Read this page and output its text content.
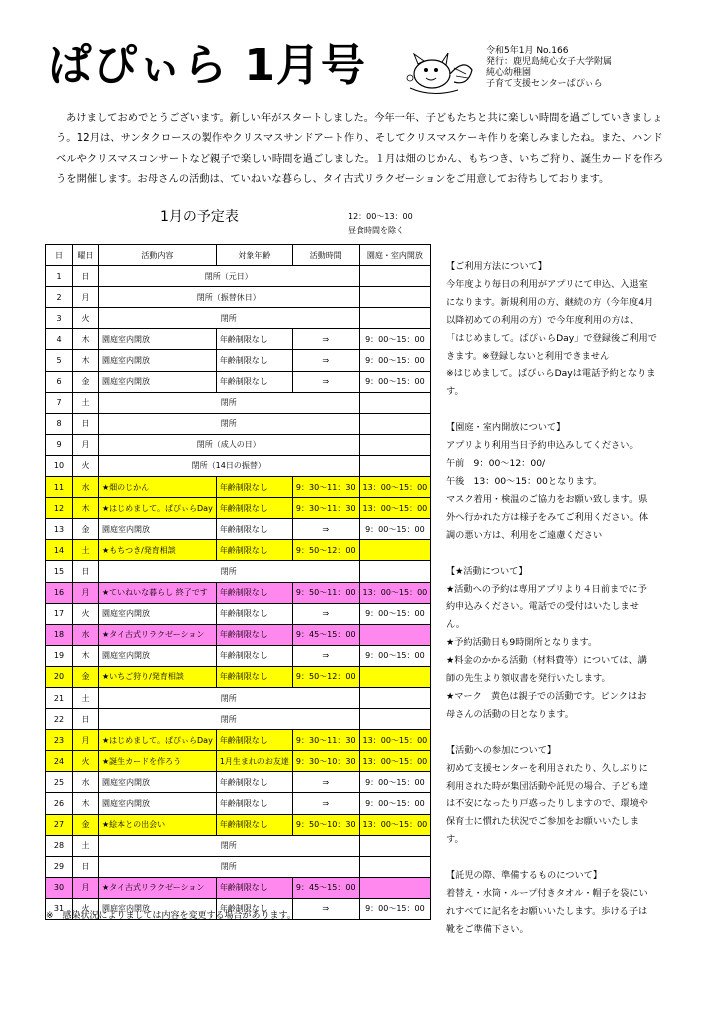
ぱぴぃら 1月号	令和5年1月 No.166
発行：鹿児島純心女子大学附属
純心幼稚園
子育て支援センターぱぴぃら
あけましておめでとうございます。新しい年がスタートしました。今年一年、子どもたちと共に楽しい時間を過ごしていきましょう。12月は、サンタクロースの製作やクリスマスサンドアート作り、そしてクリスマスケーキ作りを楽しみましたね。また、ハンドベルやクリスマスコンサートなど親子で楽しい時間を過ごしました。１月は畑のじかん、もちつき、いちご狩り、誕生カードを作ろうを開催します。お母さんの活動は、ていねいな暮らし、タイ古式リラクゼーションをご用意してお待ちしております。
1月の予定表	12：00～13：00
昼食時間を除く
日	曜日	活動内容	対象年齢	活動時間	園庭・室内開放
1	日	閉所（元日）			
2	月	閉所（振替休日）			
3	火	閉所			
4	木	園庭室内開放	年齢制限なし	⇒	9：00～15：00
5	木	園庭室内開放	年齢制限なし	⇒	9：00～15：00
6	金	園庭室内開放	年齢制限なし	⇒	9：00～15：00
7	土	閉所			
8	日	閉所			
9	月	閉所（成人の日）			
10	火	閉所（14日の振替）			
11	水	★畑のじかん	年齢制限なし	9：30～11：30	13：00～15：00
12	木	★はじめまして。ぱぴぃらDay	年齢制限なし	9：30～11：30	13：00～15：00
13	金	園庭室内開放	年齢制限なし	⇒	9：00～15：00
14	土	★もちつき/発育相談	年齢制限なし	9：50～12：00	
15	日	閉所			
16	月	★ていねいな暮らし 終了です	年齢制限なし	9：50～11：00	13：00～15：00
17	火	園庭室内開放	年齢制限なし	⇒	9：00～15：00
18	水	★タイ古式リラクゼーション	年齢制限なし	9：45～15：00	
19	木	園庭室内開放	年齢制限なし	⇒	9：00～15：00
20	金	★いちご狩り/発育相談	年齢制限なし	9：50～12：00	
21	土	閉所			
22	日	閉所			
23	月	★はじめまして。ぱぴぃらDay	年齢制限なし	9：30～11：30	13：00～15：00
24	火	★誕生カードを作ろう	1月生まれのお友達	9：30～10：30	13：00～15：00
25	水	園庭室内開放	年齢制限なし	⇒	9：00～15：00
26	木	園庭室内開放	年齢制限なし	⇒	9：00～15：00
27	金	★絵本との出会い	年齢制限なし	9：50～10：30	13：00～15：00
28	土	閉所			
29	日	閉所			
30	月	★タイ古式リラクゼーション	年齢制限なし	9：45～15：00	
31	火	園庭室内開放	年齢制限なし	⇒	9：00～15：00
※　感染状況によりましては内容を変更する場合があります。

【ご利用方法について】

今年度より毎日の利用がアプリにて申込、入退室

になります。新規利用の方、継続の方（今年度4月

以降初めての利用の方）で今年度利用の方は、

「はじめまして。ぱぴぃらDay」で登録後ご利用で

きます。※登録しないと利用できません

※はじめまして。ぱぴぃらDayは電話予約となりま

す。

【園庭・室内開放について】

アプリより利用当日予約申込みしてください。

午前　9：00～12：00/

午後　13：00～15：00となります。

マスク着用・検温のご協力をお願い致します。県

外へ行かれた方は様子をみてご利用ください。体

調の悪い方は、利用をご遠慮ください

【★活動について】

★活動への予約は専用アプリより４日前までに予

約申込みください。電話での受付はいたしませ

ん。

★予約活動日も9時開所となります。

★料金のかかる活動（材料費等）については、講

師の先生より領収書を発行いたします。

★マーク　黄色は親子での活動です。ピンクはお

母さんの活動の日となります。

【活動への参加について】

初めて支援センターを利用されたり、久しぶりに

利用された時が集団活動や託児の場合、子ども達

は不安になったり戸惑ったりしますので、環境や

保育士に慣れた状況でご参加をお願いいたしま

す。

【託児の際、準備するものについて】

着替え・水筒・ループ付きタオル・帽子を袋にい

れすべてに記名をお願いいたします。歩ける子は

靴をご準備下さい。
